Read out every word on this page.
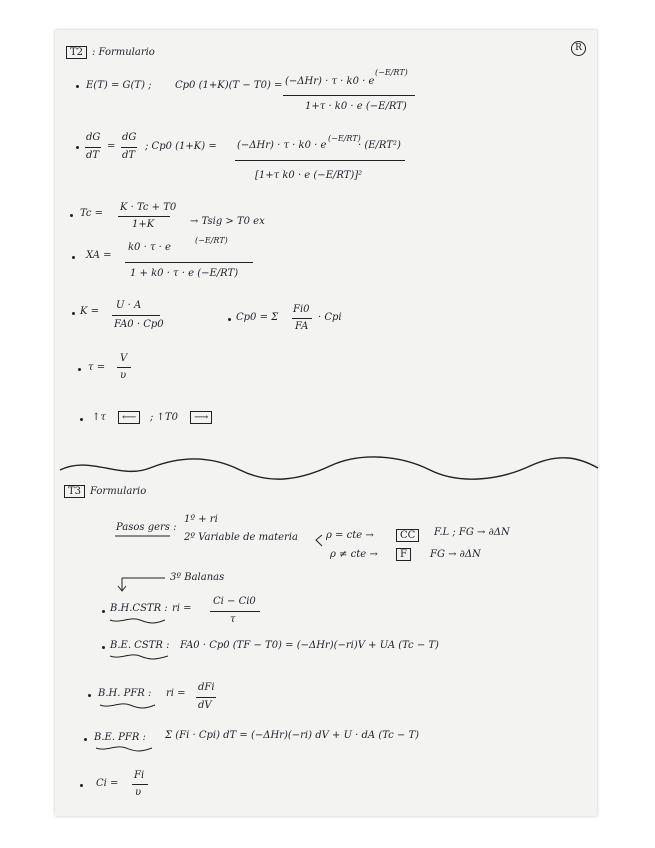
T2 : Formulario	R
E(T) = G(T) ; Cp0 (1+K)(T − T0) = (−ΔHr) · τ · k0 · e
(−E/RT)
1+τ · k0 · e (−E/RT)
dG
dT
=
dG
dT
; Cp0 (1+K) = (−ΔHr) · τ · k0 · e
(−E/RT)
· (E/RT²)
[1+τ k0 · e (−E/RT)]²
Tc =
K · Tc + T0
1+K	→ Tsig > T0 ex
XA =
k0 · τ · e
(−E/RT)
1 + k0 · τ · e (−E/RT)
K =
U · A
FA0 · Cp0
Cp0 = Σ
Fi0
FA
· Cpi
τ =
V
υ
↑τ	⟵	; ↑T0	⟶
T3 Formulario
Pasos gers :
1º + ri
2º Variable de materia	ρ = cte →	CC	F.L ; FG → ∂ΔN
ρ ≠ cte →	F	FG → ∂ΔN
3º Balanas
B.H.CSTR : ri =
Ci − Ci0
τ
B.E. CSTR : FA0 · Cp0 (TF − T0) = (−ΔHr)(−ri)V + UA (Tc − T)
B.H. PFR : ri =
dFi
dV
B.E. PFR : Σ (Fi · Cpi) dT = (−ΔHr)(−ri) dV + U · dA (Tc − T)
Ci =
Fi
υ
